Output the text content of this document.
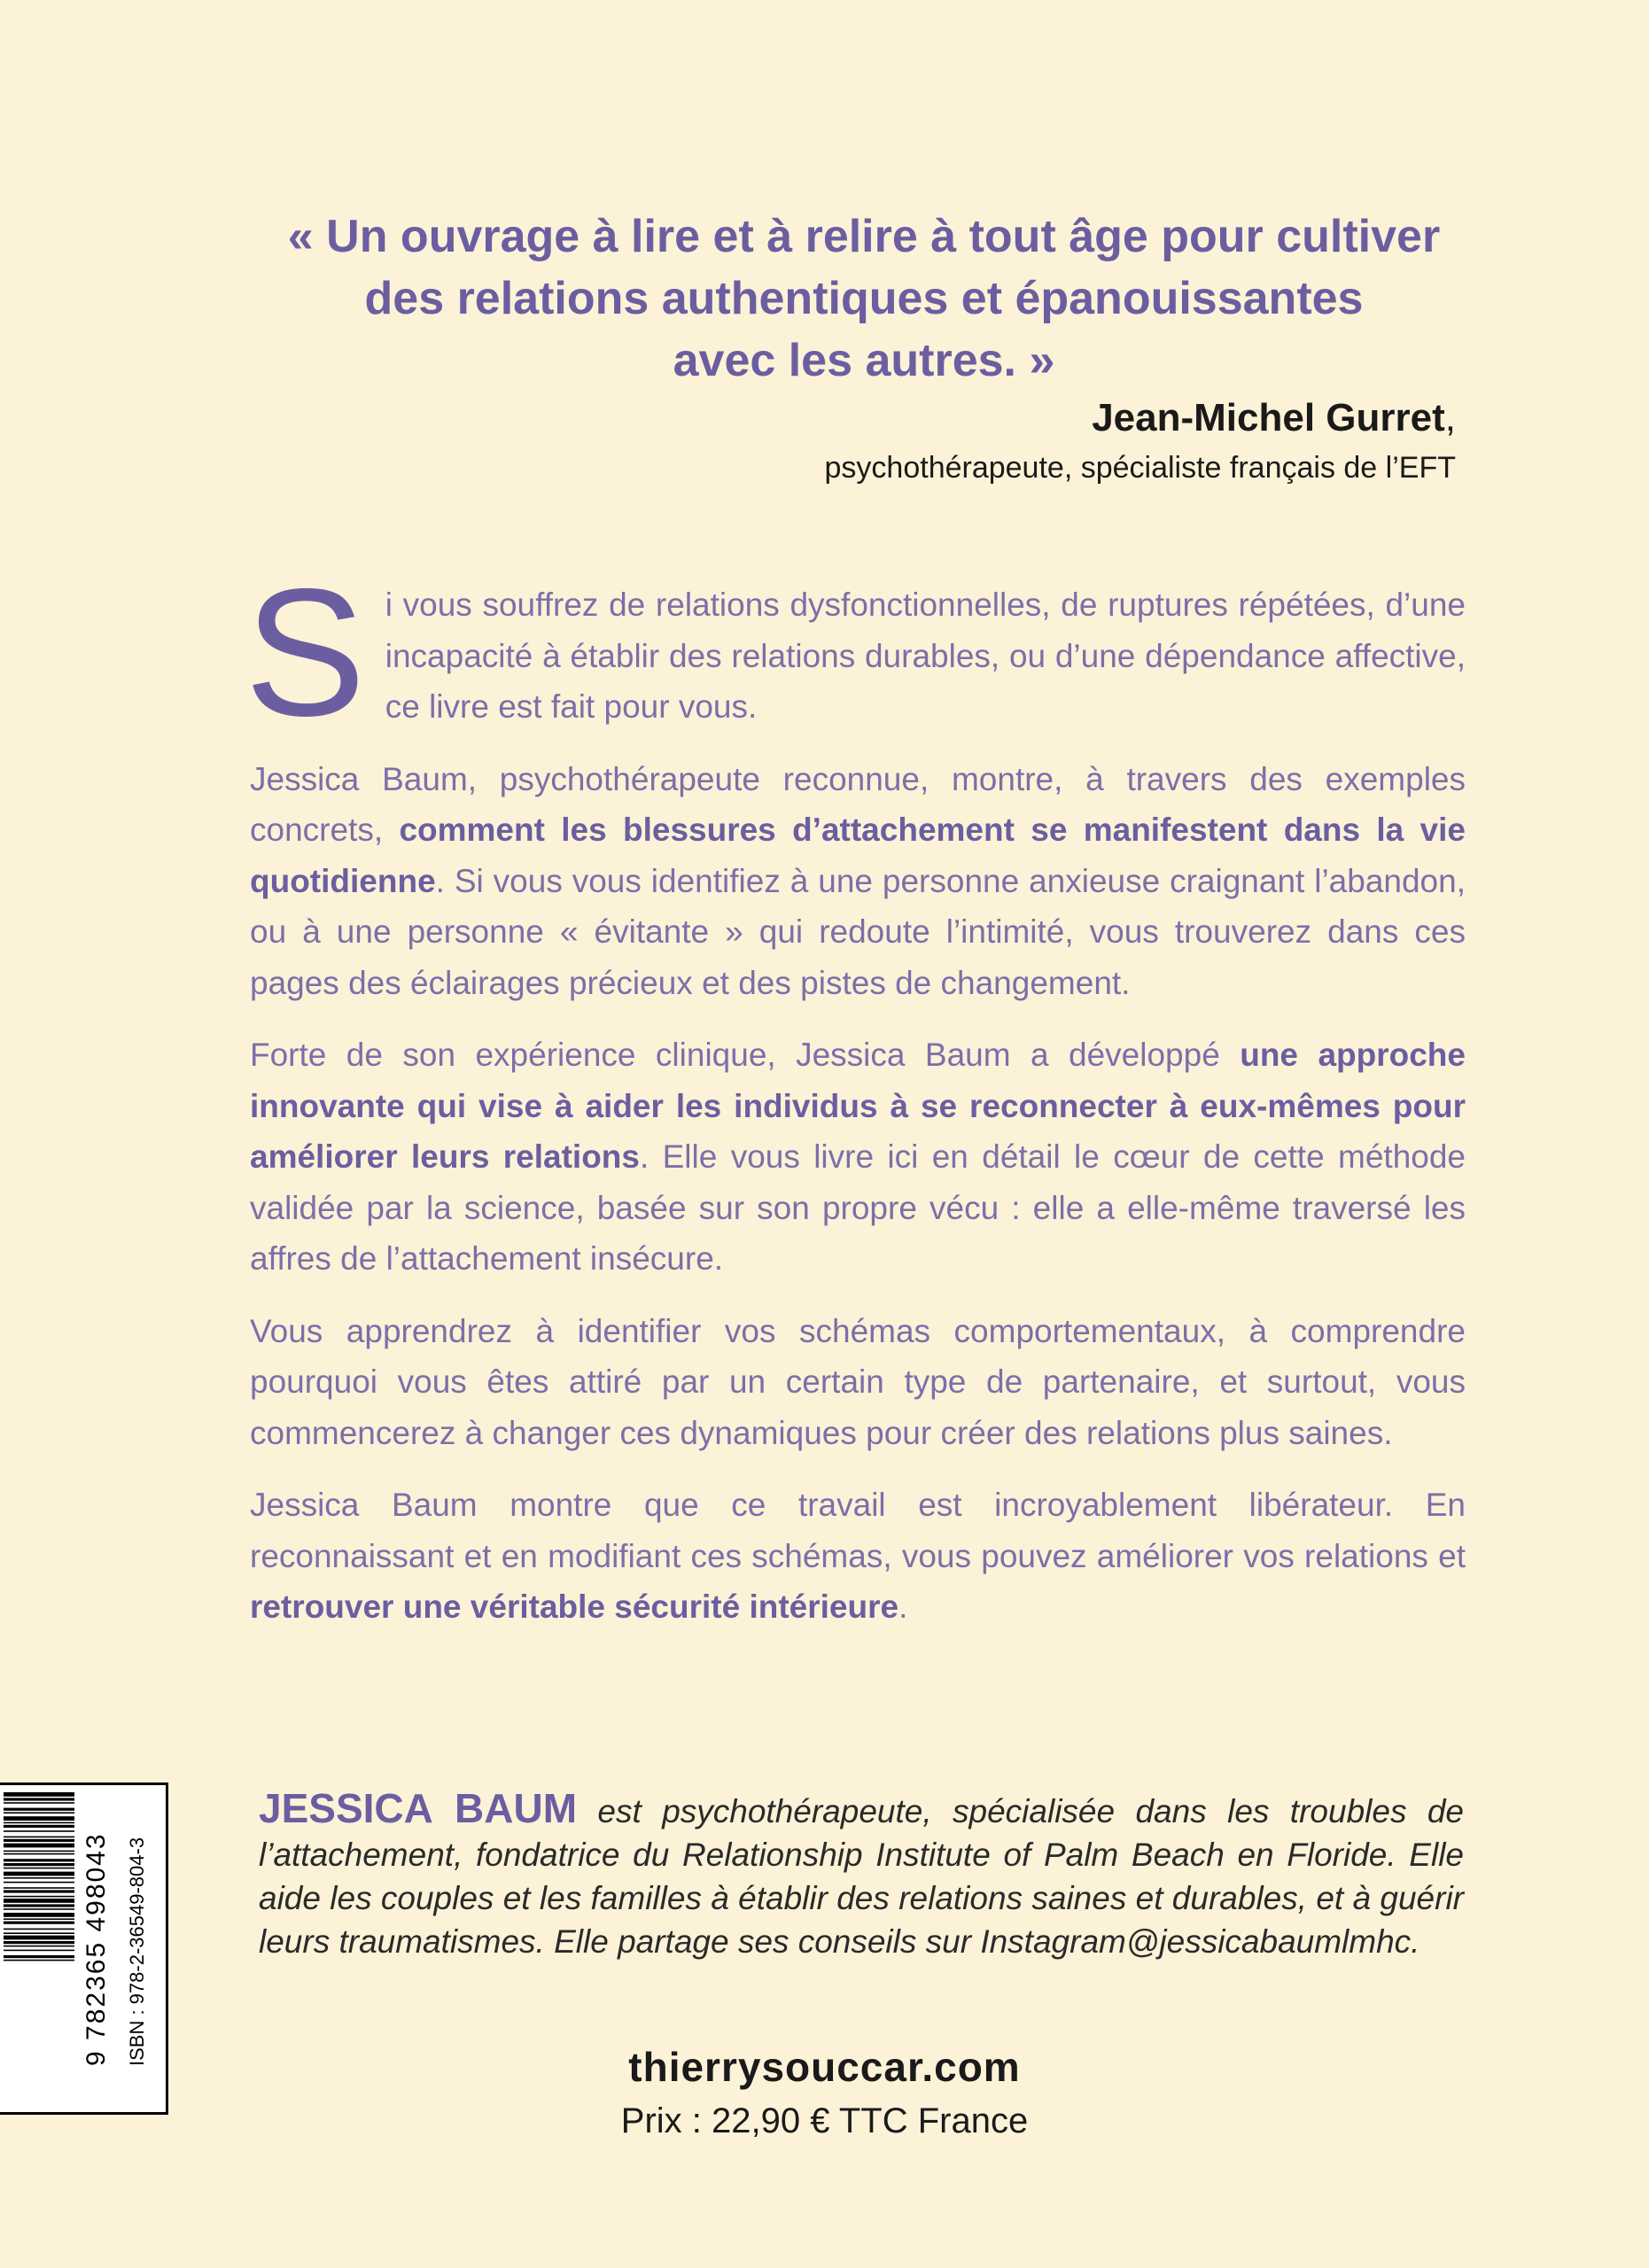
« Un ouvrage à lire et à relire à tout âge pour cultiver

des relations authentiques et épanouissantes

avec les autres. »

Jean-Michel Gurret,
psychothérapeute, spécialiste français de l’EFT

Si vous souffrez de relations dysfonctionnelles, de ruptures répétées, d’une incapacité à établir des relations durables, ou d’une dépendance affective, ce livre est fait pour vous.

Jessica Baum, psychothérapeute reconnue, montre, à travers des exemples concrets, comment les blessures d’attachement se manifestent dans la vie quotidienne. Si vous vous identifiez à une personne anxieuse craignant l’abandon, ou à une personne « évitante » qui redoute l’intimité, vous trouverez dans ces pages des éclairages précieux et des pistes de changement.

Forte de son expérience clinique, Jessica Baum a développé une approche innovante qui vise à aider les individus à se reconnecter à eux-mêmes pour améliorer leurs relations. Elle vous livre ici en détail le cœur de cette méthode validée par la science, basée sur son propre vécu : elle a elle-même traversé les affres de l’attachement insécure.

Vous apprendrez à identifier vos schémas comportementaux, à comprendre pourquoi vous êtes attiré par un certain type de partenaire, et surtout, vous commencerez à changer ces dynamiques pour créer des relations plus saines.

Jessica Baum montre que ce travail est incroyablement libérateur. En reconnaissant et en modifiant ces schémas, vous pouvez améliorer vos relations et retrouver une véritable sécurité intérieure.

9 782365 498043 ISBN : 978-2-36549-804-3
JESSICA BAUM est psychothérapeute, spécialisée dans les troubles de l’attachement, fondatrice du Relationship Institute of Palm Beach en Floride. Elle aide les couples et les familles à établir des relations saines et durables, et à guérir leurs traumatismes. Elle partage ses conseils sur Instagram@jessicabaumlmhc.
thierrysouccar.com
Prix : 22,90 € TTC France
